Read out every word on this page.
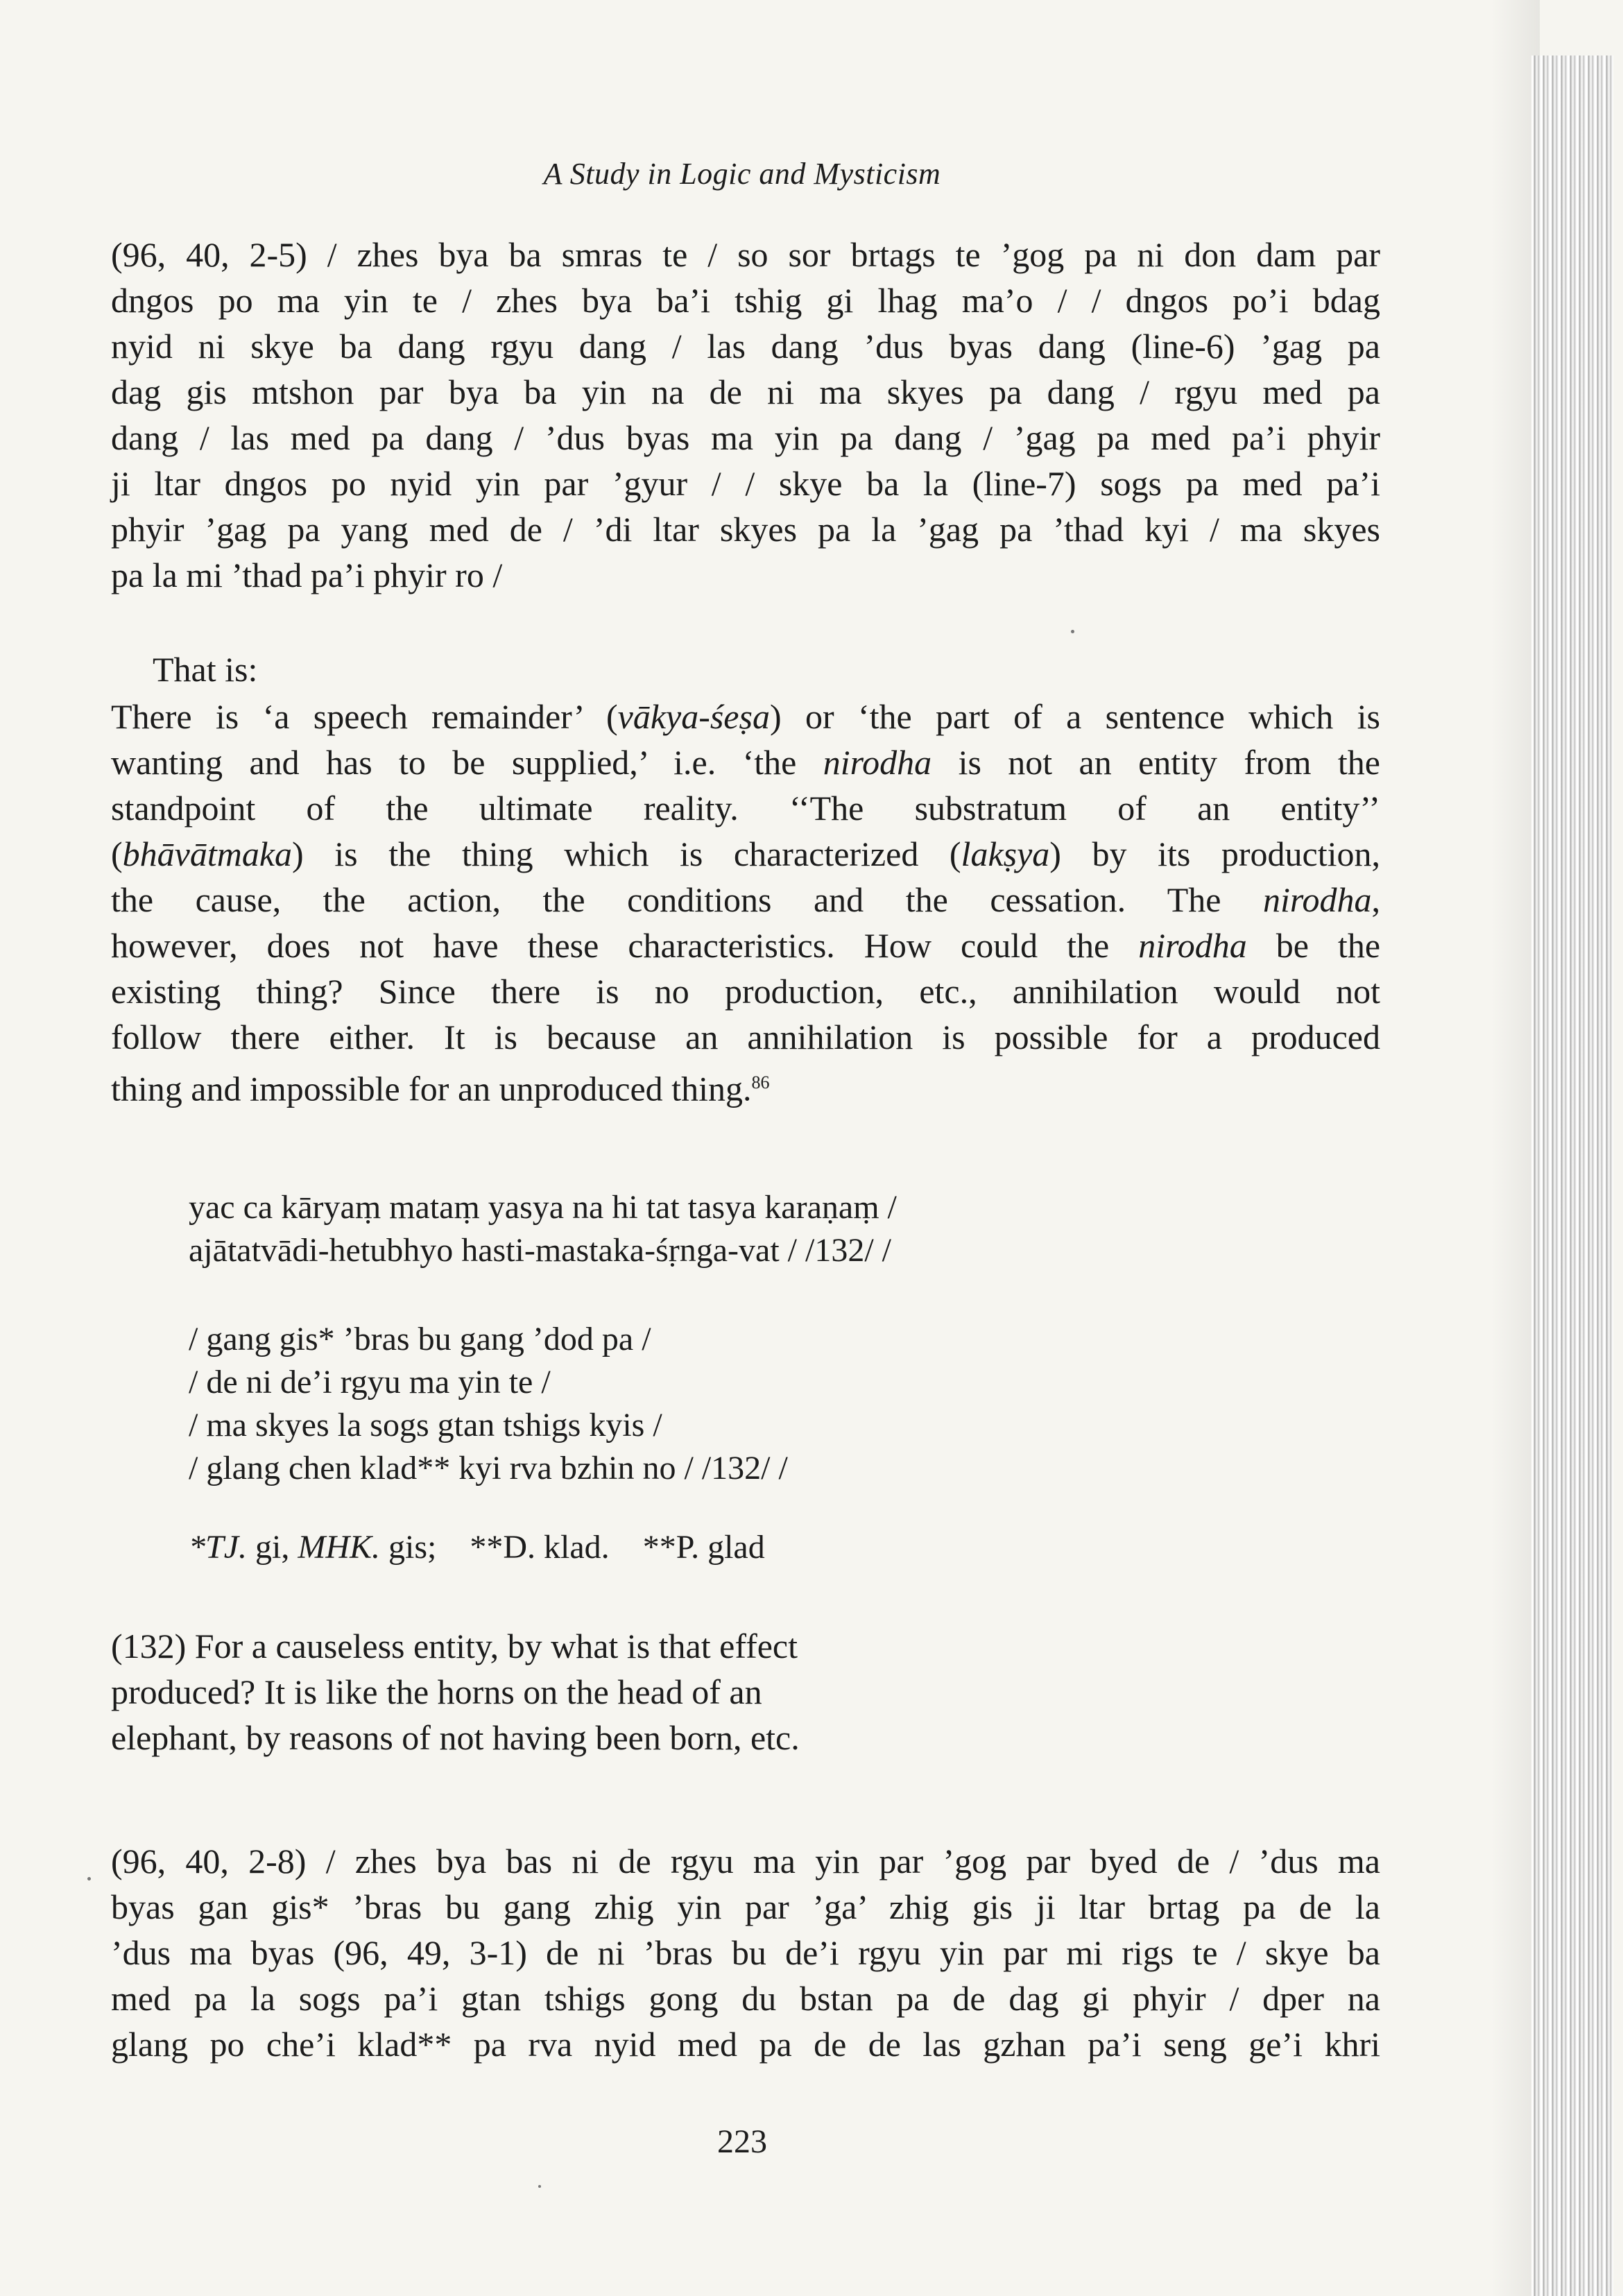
A Study in Logic and Mysticism
(96, 40, 2-5) / zhes bya ba smras te / so sor brtags te ’gog pa ni don dam par
dngos po ma yin te / zhes bya ba’i tshig gi lhag ma’o / / dngos po’i bdag
nyid ni skye ba dang rgyu dang / las dang ’dus byas dang (line-6) ’gag pa
dag gis mtshon par bya ba yin na de ni ma skyes pa dang / rgyu med pa
dang / las med pa dang / ’dus byas ma yin pa dang / ’gag pa med pa’i phyir
ji ltar dngos po nyid yin par ’gyur / / skye ba la (line-7) sogs pa med pa’i
phyir ’gag pa yang med de / ’di ltar skyes pa la ’gag pa ’thad kyi / ma skyes
pa la mi ’thad pa’i phyir ro /
That is:
There is ‘a speech remainder’ (vākya-śeṣa) or ‘the part of a sentence which is
wanting and has to be supplied,’ i.e. ‘the nirodha is not an entity from the
standpoint of the ultimate reality. ‘‘The substratum of an entity’’
(bhāvātmaka) is the thing which is characterized (lakṣya) by its production,
the cause, the action, the conditions and the cessation. The nirodha,
however, does not have these characteristics. How could the nirodha be the
existing thing? Since there is no production, etc., annihilation would not
follow there either. It is because an annihilation is possible for a produced
thing and impossible for an unproduced thing.$^{86}$
yac ca kāryaṃ mataṃ yasya na hi tat tasya karaṇaṃ /
ajātatvādi-hetubhyo hasti-mastaka-śṛnga-vat / /132/ /
/ gang gis* ’bras bu gang ’dod pa /
/ de ni de’i rgyu ma yin te /
/ ma skyes la sogs gtan tshigs kyis /
/ glang chen klad** kyi rva bzhin no / /132/ /
*TJ. gi, MHK. gis; **D. klad. **P. glad
(132) For a causeless entity, by what is that effect
produced? It is like the horns on the head of an
elephant, by reasons of not having been born, etc.
(96, 40, 2-8) / zhes bya bas ni de rgyu ma yin par ’gog par byed de / ’dus ma
byas gan gis* ’bras bu gang zhig yin par ’ga’ zhig gis ji ltar brtag pa de la
’dus ma byas (96, 49, 3-1) de ni ’bras bu de’i rgyu yin par mi rigs te / skye ba
med pa la sogs pa’i gtan tshigs gong du bstan pa de dag gi phyir / dper na
glang po che’i klad** pa rva nyid med pa de de las gzhan pa’i seng ge’i khri
223
